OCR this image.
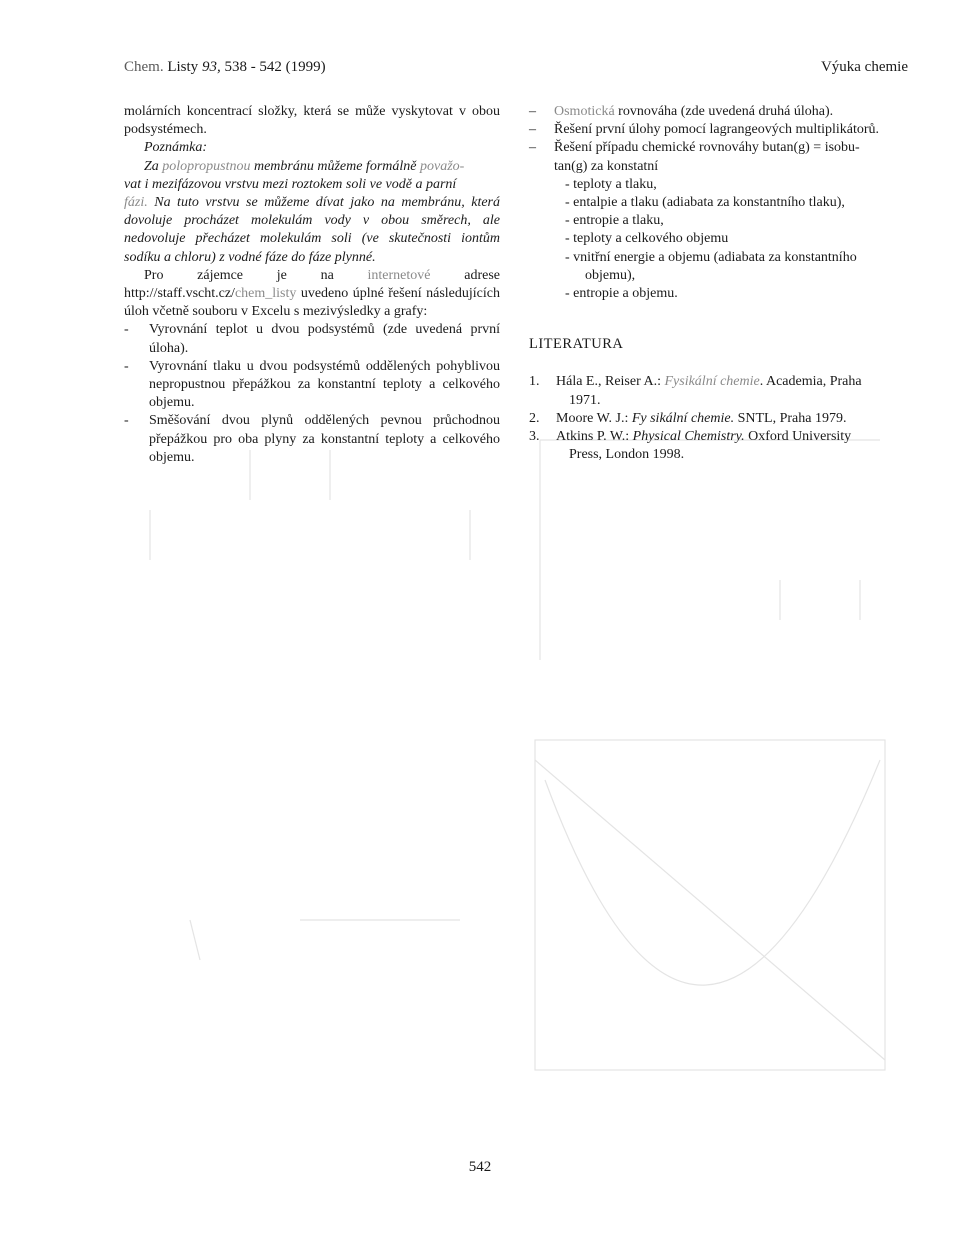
Chem. Listy 93, 538 - 542 (1999)	Výuka chemie

molárních koncentrací složky, která se může vyskytovat v obou podsystémech.

Poznámka:

Za polopropustnou membránu můžeme formálně považo-

vat i mezifázovou vrstvu mezi roztokem soli ve vodě a parní

fázi. Na tuto vrstvu se můžeme dívat jako na membránu, která dovoluje procházet molekulám vody v obou směrech, ale nedovoluje přecházet molekulám soli (ve skutečnosti iontům sodíku a chloru) z vodné fáze do fáze plynné.

Pro zájemce je na internetové adrese http://staff.vscht.cz/chem_listy uvedeno úplné řešení následujících úloh včetně souboru v Excelu s mezivýsledky a grafy:

-	Vyrovnání teplot u dvou podsystémů (zde uvedená první úloha).

-	Vyrovnání tlaku u dvou podsystémů oddělených pohyblivou nepropustnou přepážkou za konstantní teploty a celkového objemu.

-	Směšování dvou plynů oddělených pevnou průchodnou přepážkou pro oba plyny za konstantní teploty a celkového objemu.

–	Osmotická rovnováha (zde uvedená druhá úloha).

–	Řešení první úlohy pomocí lagrangeových multiplikátorů.

–	Řešení případu chemické rovnováhy butan(g) = isobu-

tan(g) za konstatní

- teploty a tlaku,

- entalpie a tlaku (adiabata za konstantního tlaku),

- entropie a tlaku,

- teploty a celkového objemu

- vnitřní energie a objemu (adiabata za konstantního

objemu),

- entropie a objemu.

LITERATURA

1.	Hála E., Reiser A.: Fysikální chemie. Academia, Praha
1971.
2.	Moore W. J.: Fy sikální chemie. SNTL, Praha 1979.
3.	Atkins P. W.: Physical Chemistry. Oxford University
Press, London 1998.
542
